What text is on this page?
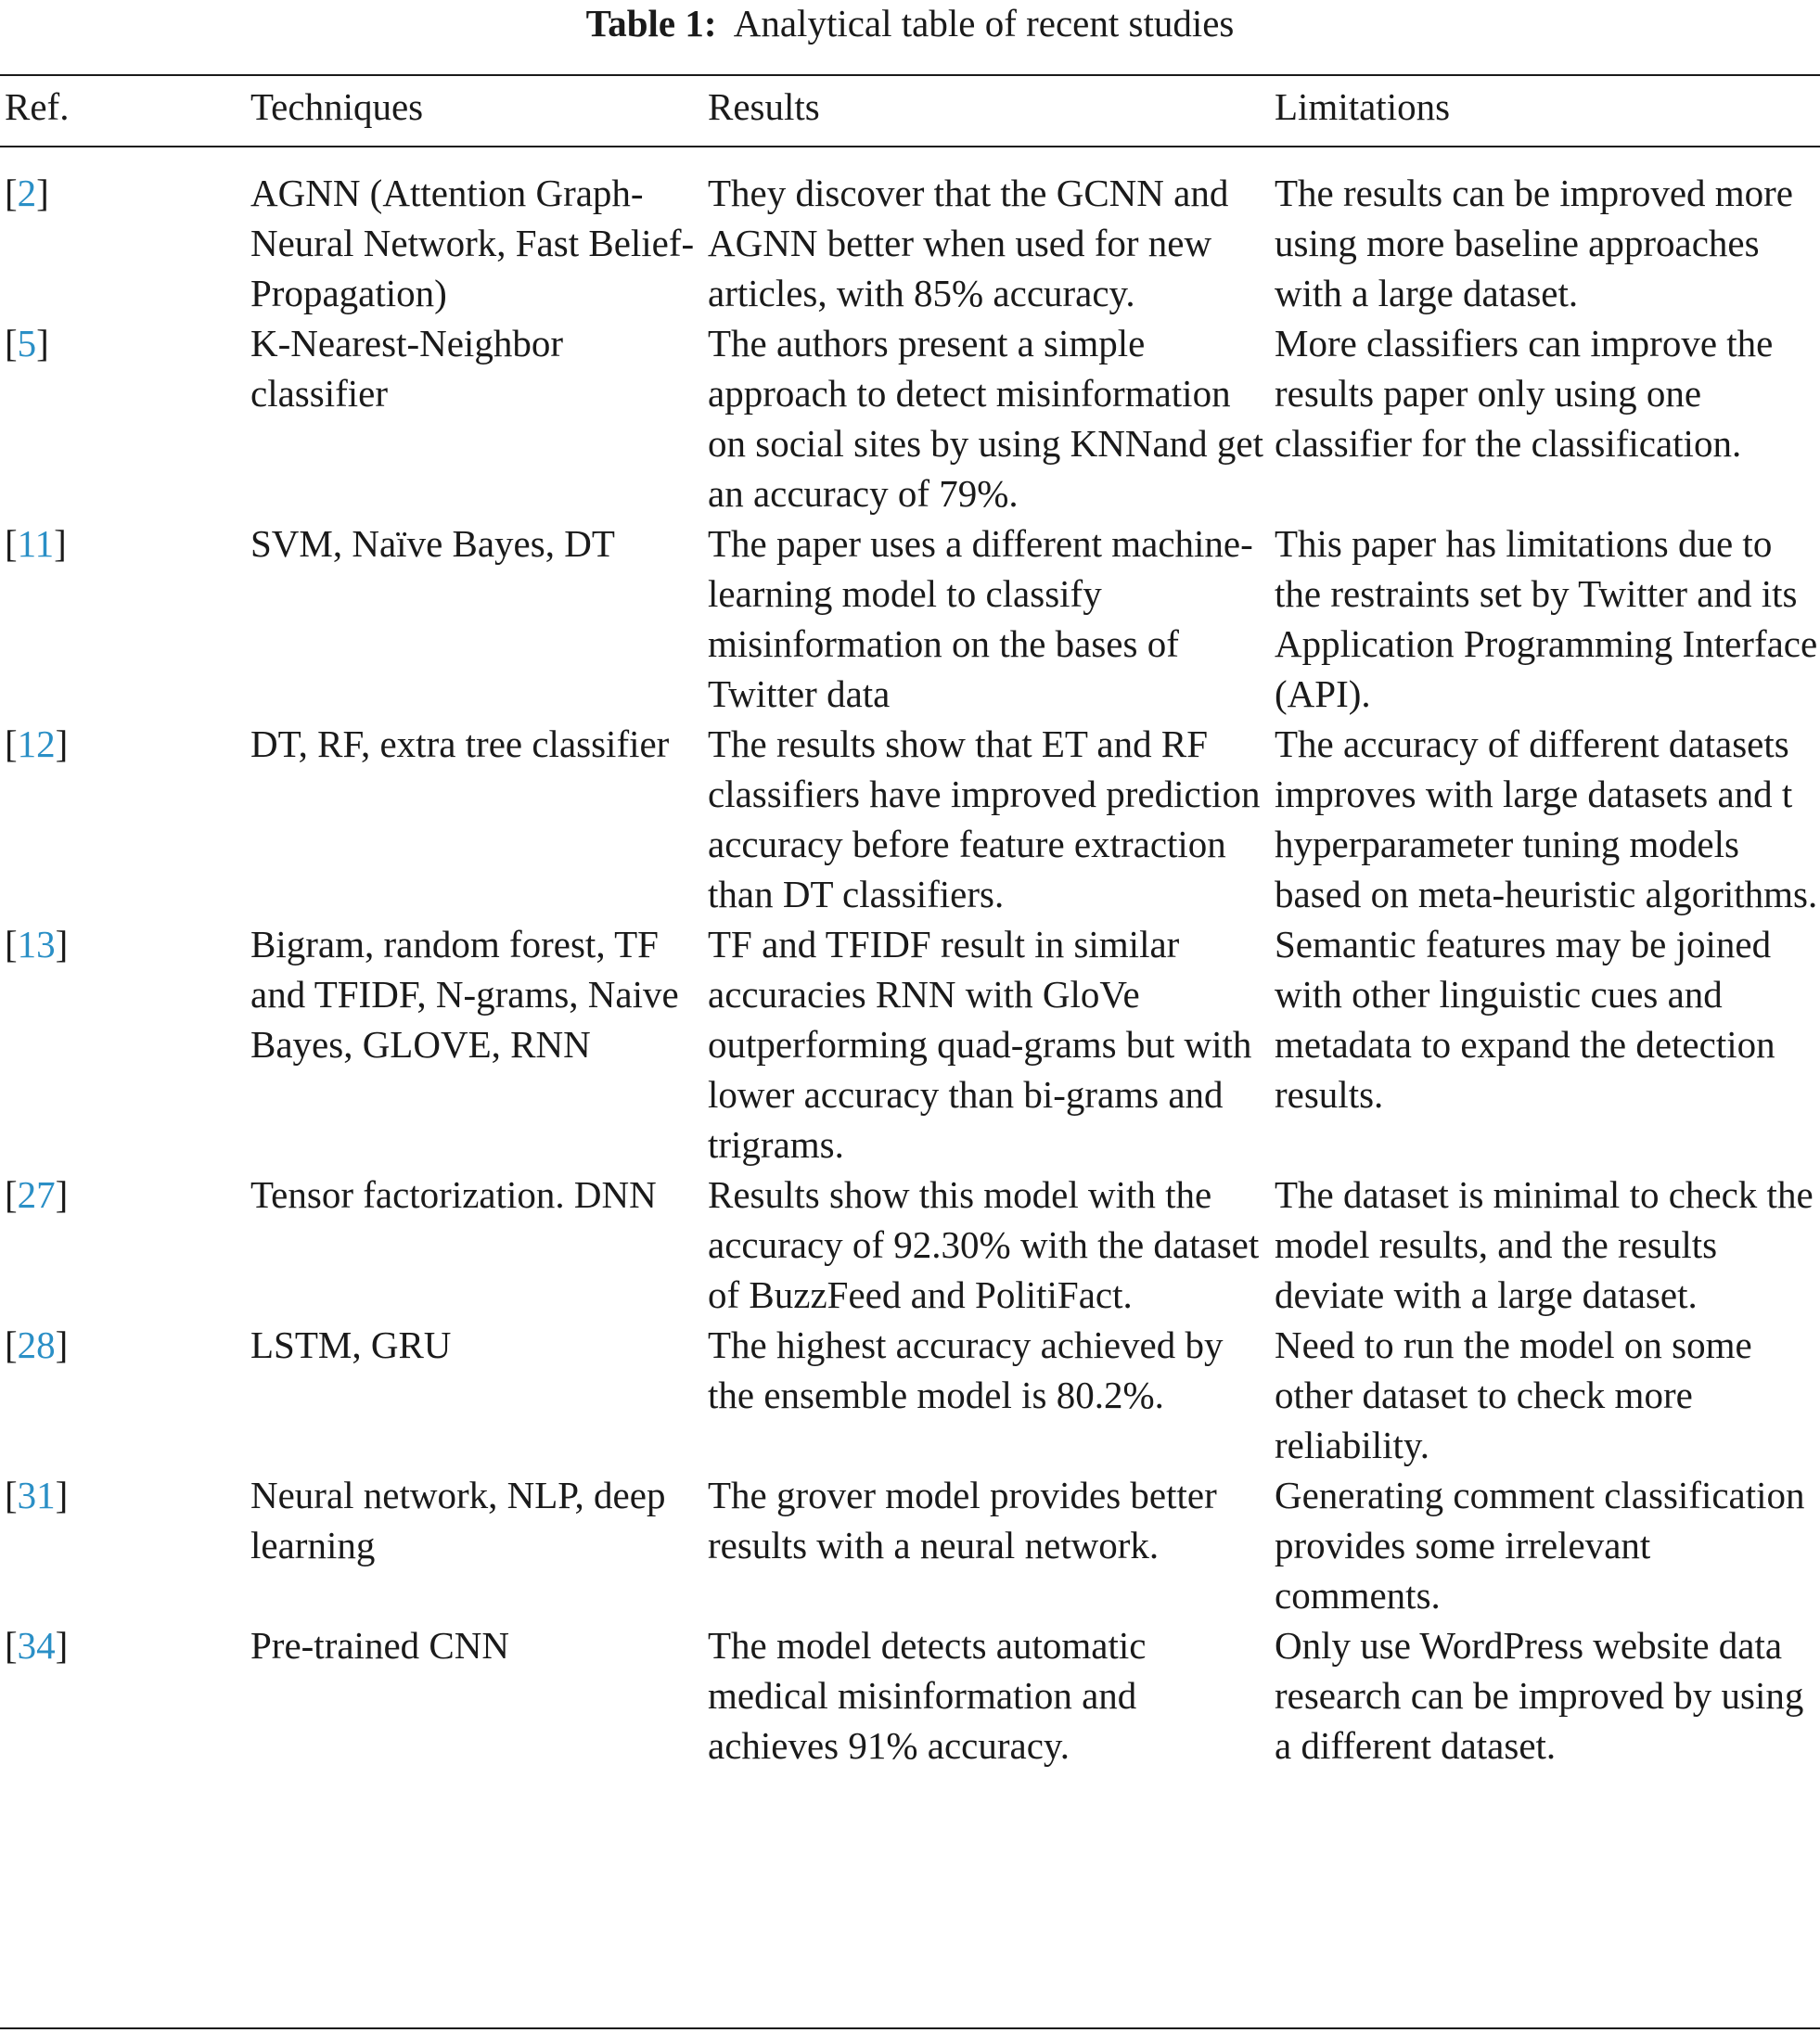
Table 1: Analytical table of recent studies
Ref.	Techniques	Results	Limitations
[2]	AGNN (Attention Graph-Neural Network, Fast Belief-Propagation)	They discover that the GCNN and AGNN better when used for new articles, with 85% accuracy.	The results can be improved more using more baseline approaches with a large dataset.
[5]	K-Nearest-Neighbor classifier	The authors present a simple approach to detect misinformation on social sites by using KNNand get an accuracy of 79%.	More classifiers can improve the results paper only using one classifier for the classification.
[11]	SVM, Naïve Bayes, DT	The paper uses a different machine-learning model to classify misinformation on the bases of Twitter data	This paper has limitations due to the restraints set by Twitter and its Application Programming Interface (API).
[12]	DT, RF, extra tree classifier	The results show that ET and RF classifiers have improved prediction accuracy before feature extraction than DT classifiers.	The accuracy of different datasets improves with large datasets and t hyperparameter tuning models based on meta-heuristic algorithms.
[13]	Bigram, random forest, TF and TFIDF, N-grams, Naive Bayes, GLOVE, RNN	TF and TFIDF result in similar accuracies RNN with GloVe outperforming quad-grams but with lower accuracy than bi-grams and trigrams.	Semantic features may be joined with other linguistic cues and metadata to expand the detection results.
[27]	Tensor factorization. DNN	Results show this model with the accuracy of 92.30% with the dataset of BuzzFeed and PolitiFact.	The dataset is minimal to check the model results, and the results deviate with a large dataset.
[28]	LSTM, GRU	The highest accuracy achieved by the ensemble model is 80.2%.	Need to run the model on some other dataset to check more reliability.
[31]	Neural network, NLP, deep learning	The grover model provides better results with a neural network.	Generating comment classification provides some irrelevant comments.
[34]	Pre-trained CNN	The model detects automatic medical misinformation and achieves 91% accuracy.	Only use WordPress website data research can be improved by using a different dataset.
